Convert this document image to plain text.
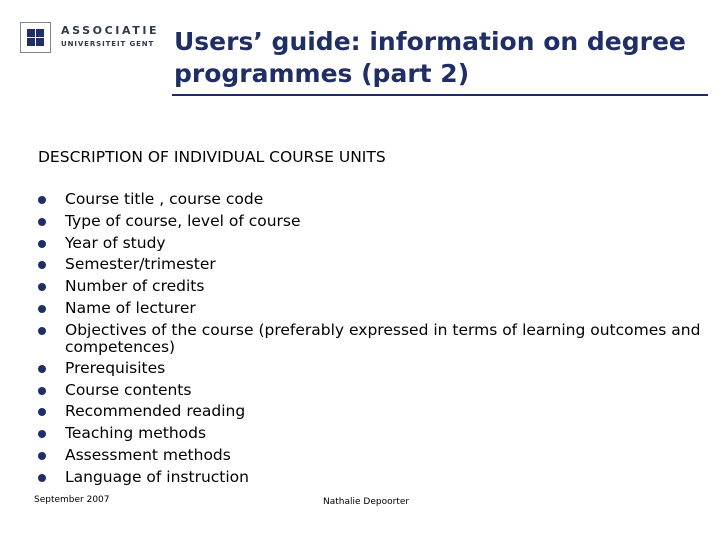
ASSOCIATIE
UNIVERSITEIT GENT Users’ guide: information on degree programmes (part 2)
DESCRIPTION OF INDIVIDUAL COURSE UNITS
Course title , course code
Type of course, level of course
Year of study
Semester/trimester
Number of credits
Name of lecturer
Objectives of the course (preferably expressed in terms of learning outcomes and competences)
Prerequisites
Course contents
Recommended reading
Teaching methods
Assessment methods
Language of instruction
September 2007	Nathalie Depoorter
